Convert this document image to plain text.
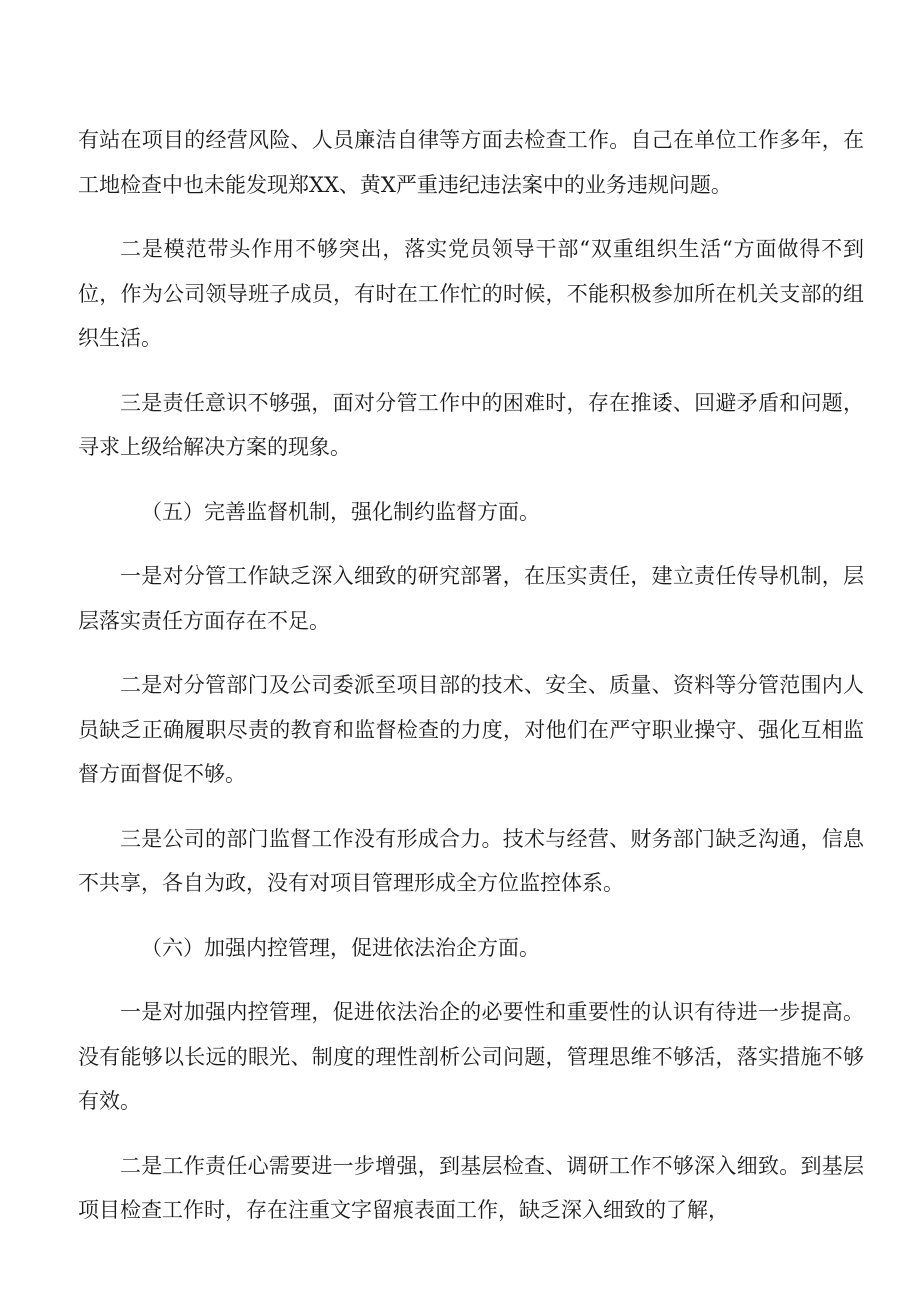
有站在项目的经营风险、人员廉洁自律等方面去检查工作。自己在单位工作多年，在工地检查中也未能发现郑XX、黄X严重违纪违法案中的业务违规问题。

二是模范带头作用不够突出，落实党员领导干部“双重组织生活“方面做得不到位，作为公司领导班子成员，有时在工作忙的时候，不能积极参加所在机关支部的组织生活。

三是责任意识不够强，面对分管工作中的困难时，存在推诿、回避矛盾和问题，寻求上级给解决方案的现象。

（五）完善监督机制，强化制约监督方面。

一是对分管工作缺乏深入细致的研究部署，在压实责任，建立责任传导机制，层层落实责任方面存在不足。

二是对分管部门及公司委派至项目部的技术、安全、质量、资料等分管范围内人员缺乏正确履职尽责的教育和监督检查的力度，对他们在严守职业操守、强化互相监督方面督促不够。

三是公司的部门监督工作没有形成合力。技术与经营、财务部门缺乏沟通，信息不共享，各自为政，没有对项目管理形成全方位监控体系。

（六）加强内控管理，促进依法治企方面。

一是对加强内控管理，促进依法治企的必要性和重要性的认识有待进一步提高。没有能够以长远的眼光、制度的理性剖析公司问题，管理思维不够活，落实措施不够有效。

二是工作责任心需要进一步增强，到基层检查、调研工作不够深入细致。到基层项目检查工作时，存在注重文字留痕表面工作，缺乏深入细致的了解，
